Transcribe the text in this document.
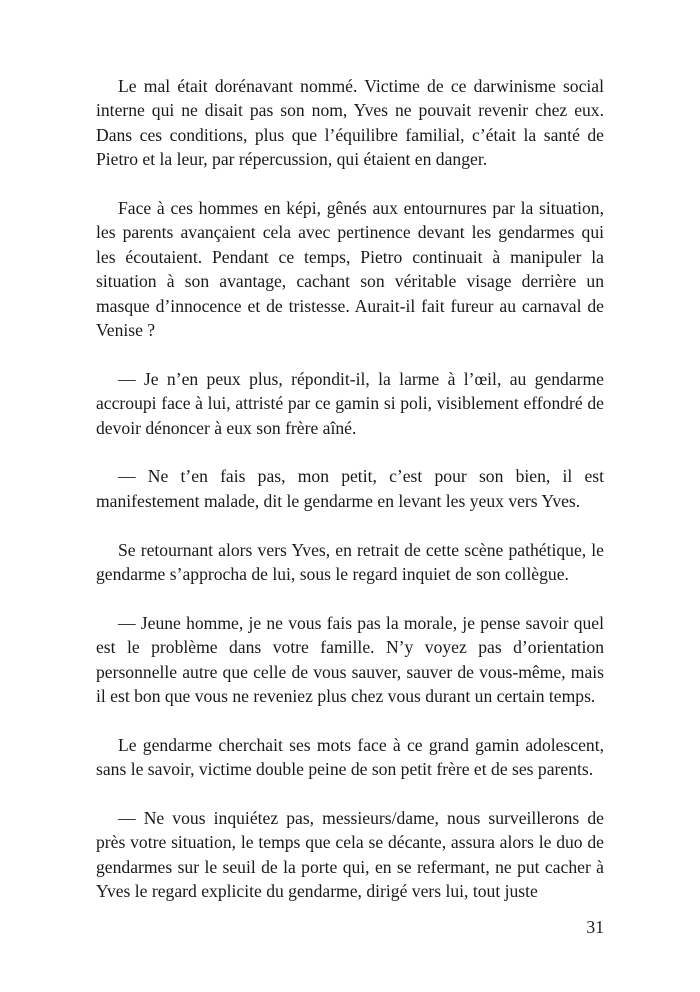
Le mal était dorénavant nommé. Victime de ce darwinisme social interne qui ne disait pas son nom, Yves ne pouvait revenir chez eux. Dans ces conditions, plus que l’équilibre familial, c’était la santé de Pietro et la leur, par répercussion, qui étaient en danger.

Face à ces hommes en képi, gênés aux entournures par la situation, les parents avançaient cela avec pertinence devant les gendarmes qui les écoutaient. Pendant ce temps, Pietro continuait à manipuler la situation à son avantage, cachant son véritable visage derrière un masque d’innocence et de tristesse. Aurait-il fait fureur au carnaval de Venise ?

— Je n’en peux plus, répondit-il, la larme à l’œil, au gendarme accroupi face à lui, attristé par ce gamin si poli, visiblement effondré de devoir dénoncer à eux son frère aîné.

— Ne t’en fais pas, mon petit, c’est pour son bien, il est manifestement malade, dit le gendarme en levant les yeux vers Yves.

Se retournant alors vers Yves, en retrait de cette scène pathétique, le gendarme s’approcha de lui, sous le regard inquiet de son collègue.

— Jeune homme, je ne vous fais pas la morale, je pense savoir quel est le problème dans votre famille. N’y voyez pas d’orientation personnelle autre que celle de vous sauver, sauver de vous-même, mais il est bon que vous ne reveniez plus chez vous durant un certain temps.

Le gendarme cherchait ses mots face à ce grand gamin adolescent, sans le savoir, victime double peine de son petit frère et de ses parents.

— Ne vous inquiétez pas, messieurs/dame, nous surveillerons de près votre situation, le temps que cela se décante, assura alors le duo de gendarmes sur le seuil de la porte qui, en se refermant, ne put cacher à Yves le regard explicite du gendarme, dirigé vers lui, tout juste

31
